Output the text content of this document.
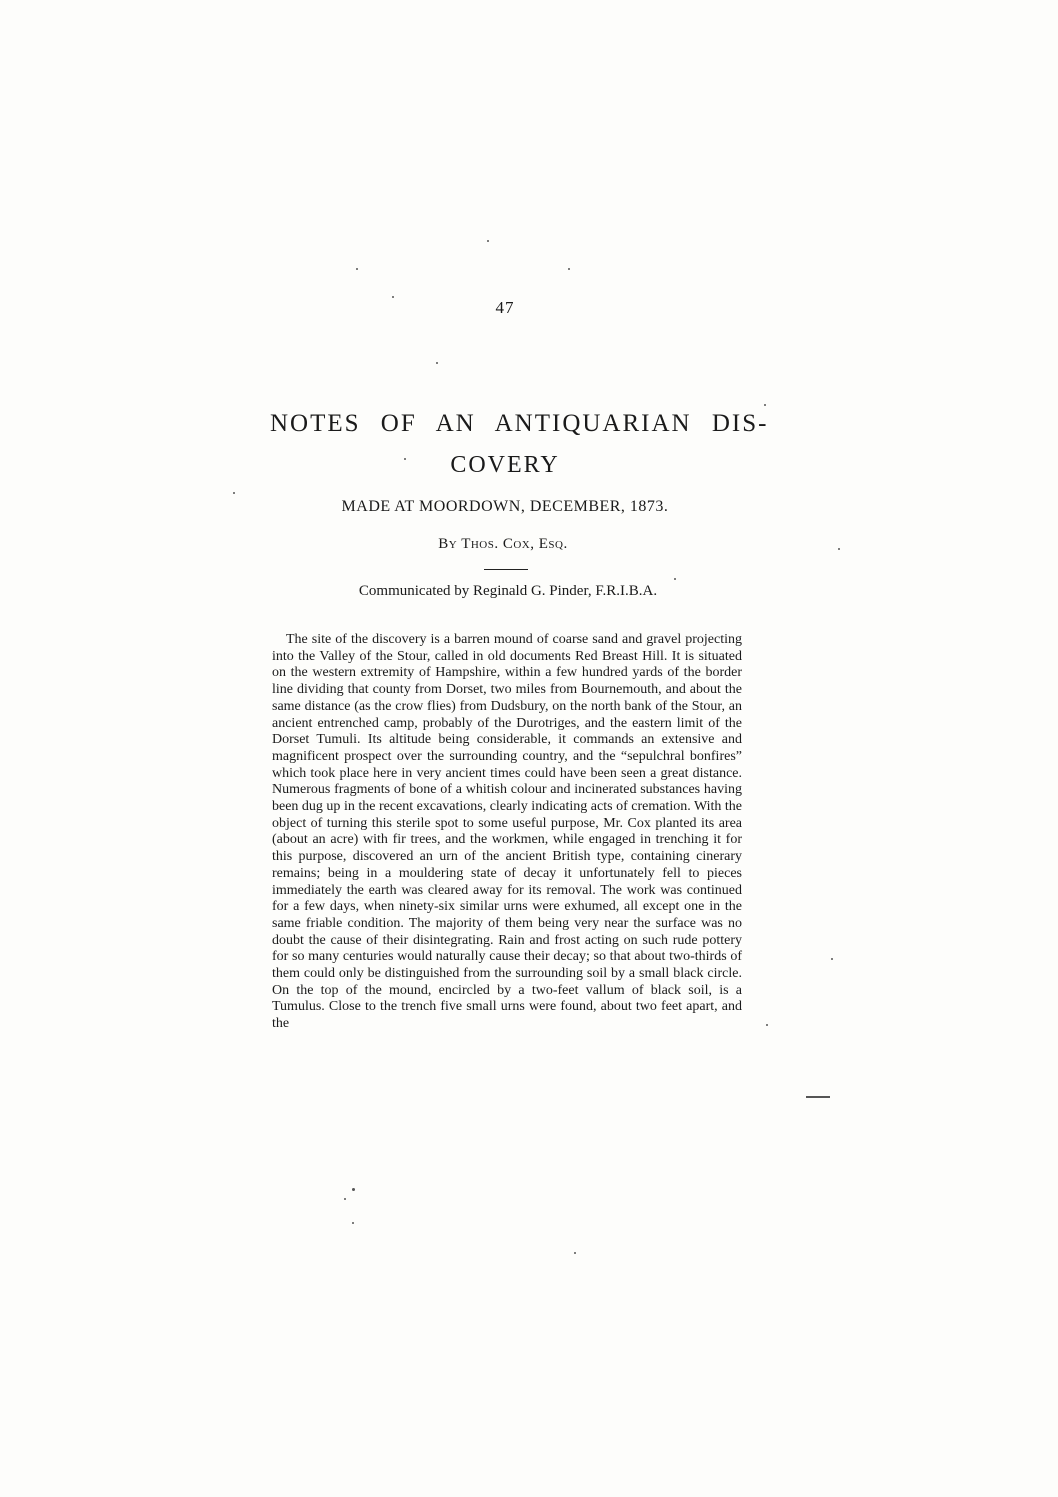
47
NOTES OF AN ANTIQUARIAN DIS-
COVERY
MADE AT MOORDOWN, DECEMBER, 1873.
By Thos. Cox, Esq.
Communicated by Reginald G. Pinder, F.R.I.B.A.
The site of the discovery is a barren mound of coarse sand and gravel projecting into the Valley of the Stour, called in old documents Red Breast Hill. It is situated on the western extremity of Hampshire, within a few hundred yards of the border line dividing that county from Dorset, two miles from Bournemouth, and about the same distance (as the crow flies) from Dudsbury, on the north bank of the Stour, an ancient entrenched camp, probably of the Durotriges, and the eastern limit of the Dorset Tumuli. Its altitude being considerable, it commands an extensive and magnificent prospect over the surrounding country, and the “sepulchral bonfires” which took place here in very ancient times could have been seen a great distance. Numerous fragments of bone of a whitish colour and incinerated substances having been dug up in the recent excavations, clearly indicating acts of cremation. With the object of turning this sterile spot to some useful purpose, Mr. Cox planted its area (about an acre) with fir trees, and the workmen, while engaged in trenching it for this purpose, discovered an urn of the ancient British type, containing cinerary remains; being in a mouldering state of decay it unfortunately fell to pieces immediately the earth was cleared away for its removal. The work was continued for a few days, when ninety-six similar urns were exhumed, all except one in the same friable condition. The majority of them being very near the surface was no doubt the cause of their disintegrating. Rain and frost acting on such rude pottery for so many centuries would naturally cause their decay; so that about two-thirds of them could only be distinguished from the surrounding soil by a small black circle. On the top of the mound, encircled by a two-feet vallum of black soil, is a Tumulus. Close to the trench five small urns were found, about two feet apart, and the
